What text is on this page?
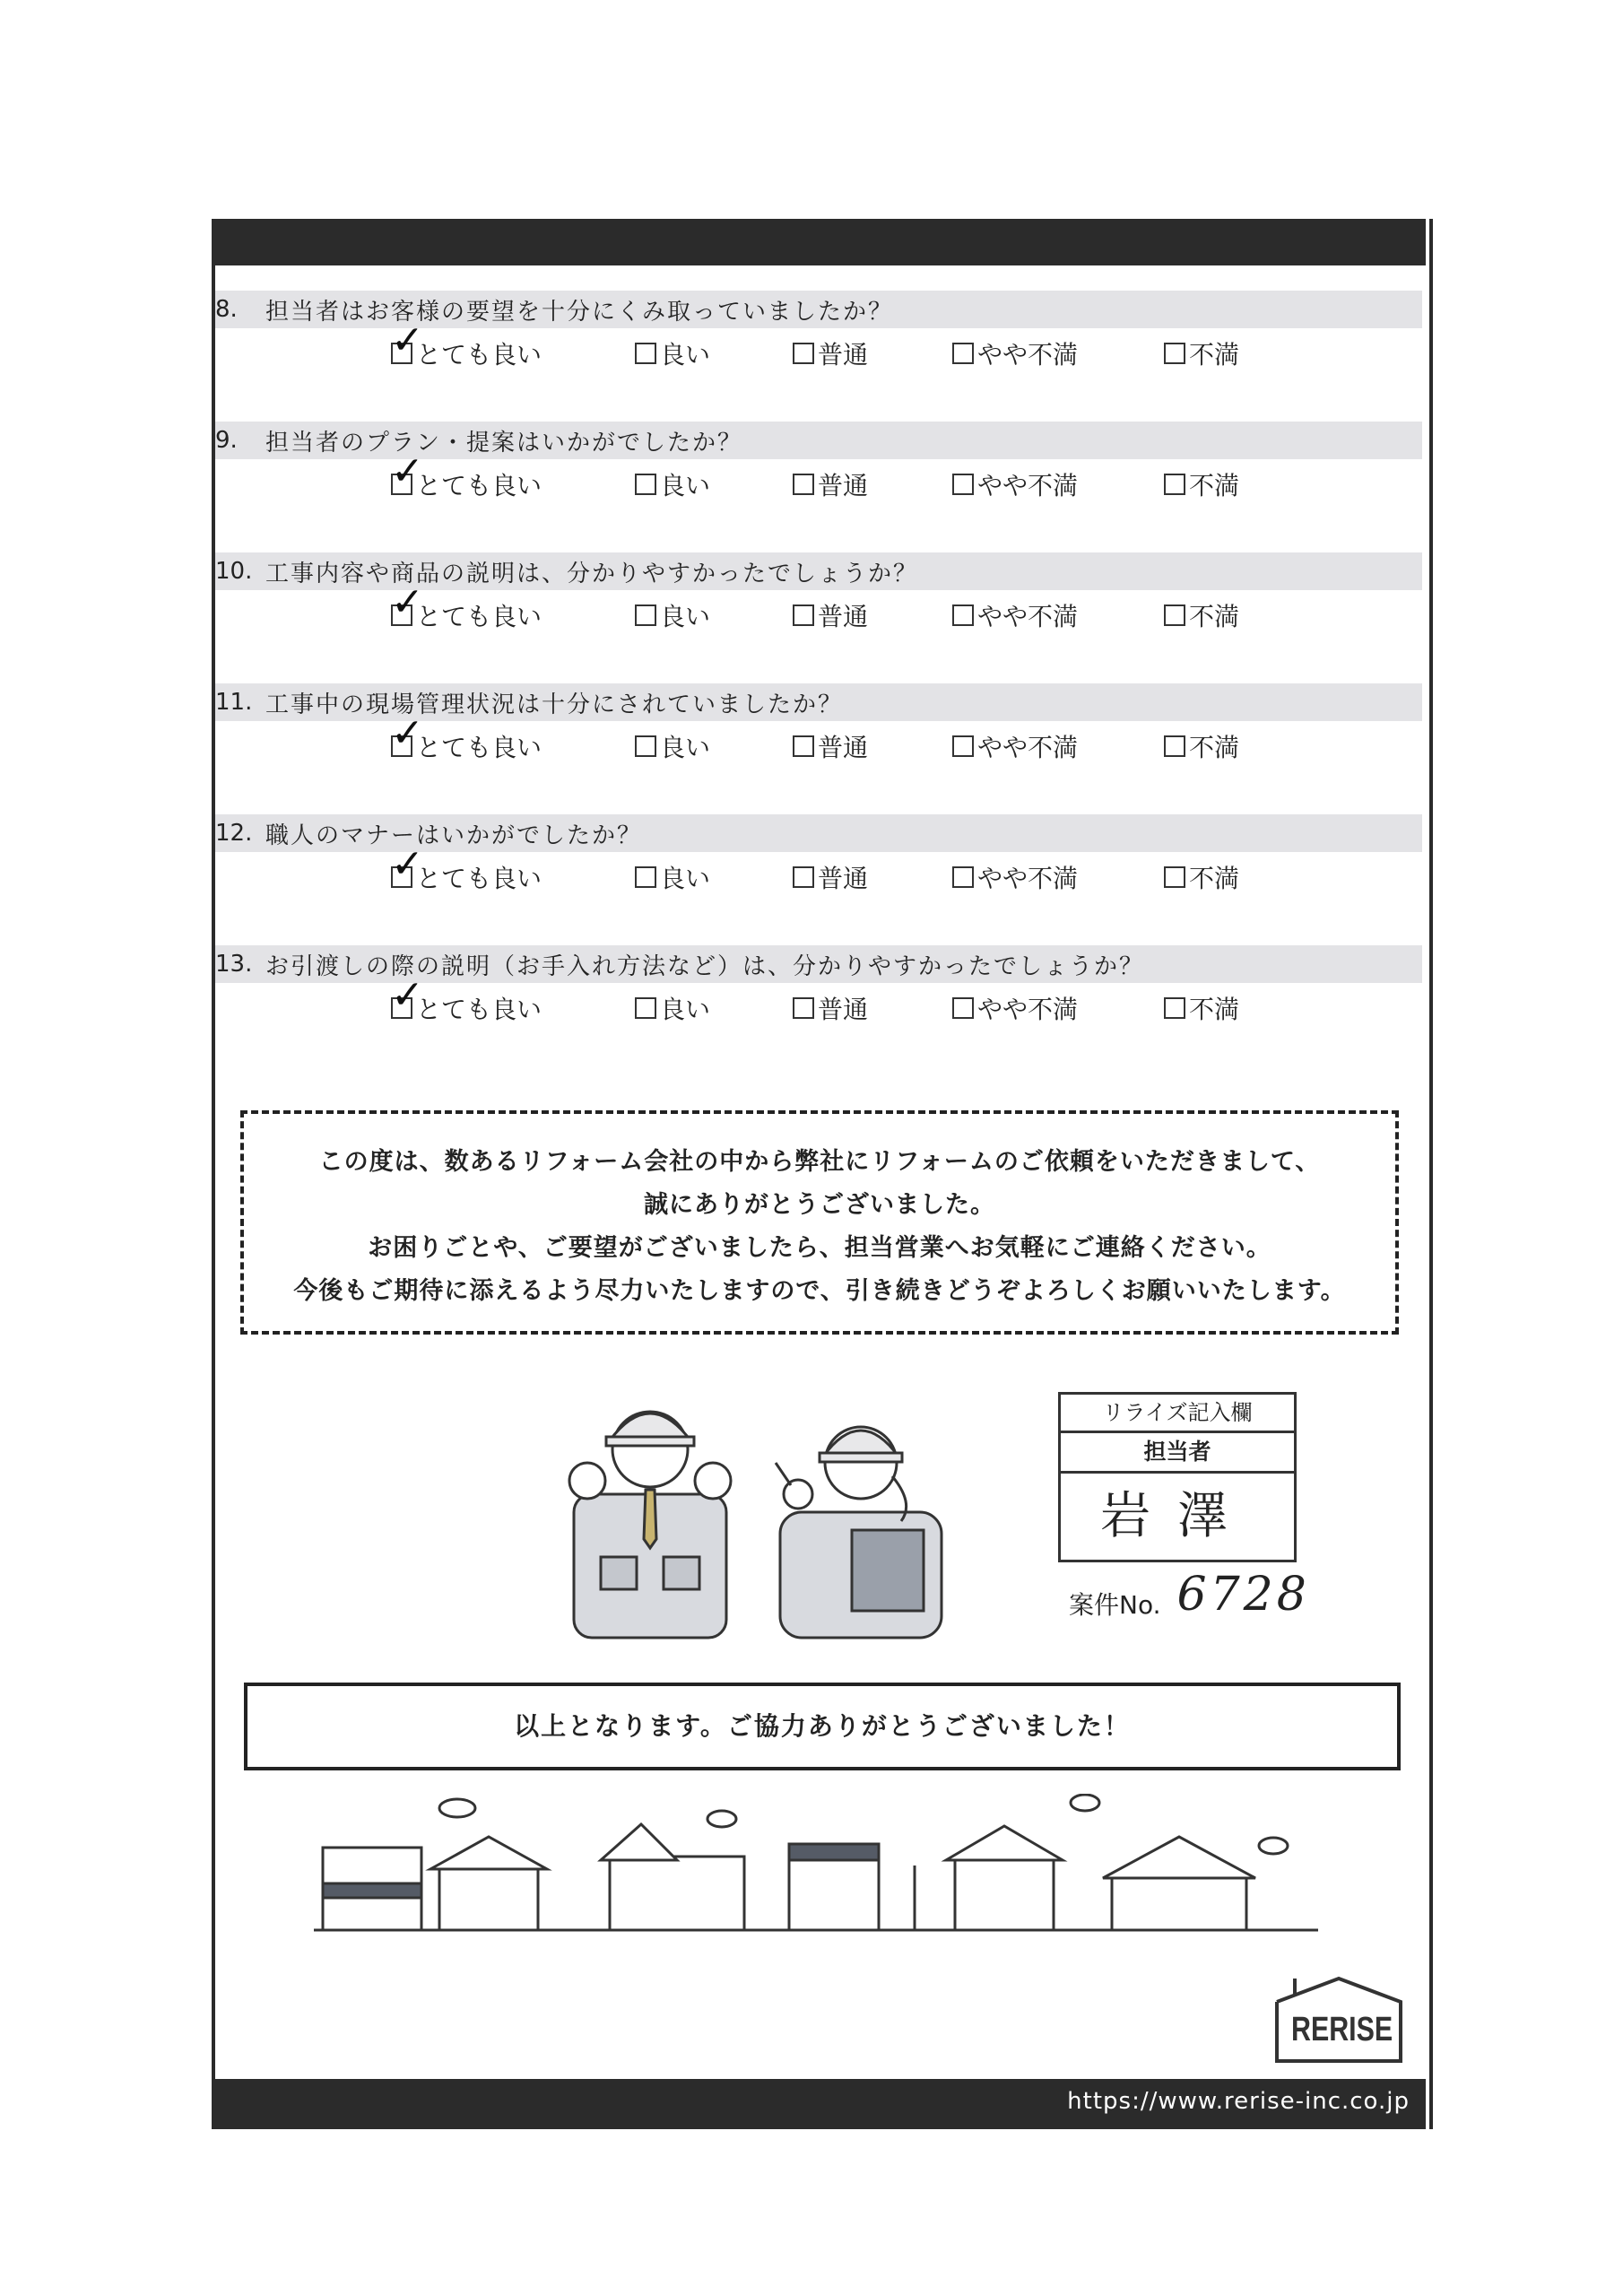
8.	担当者はお客様の要望を十分にくみ取っていましたか？
✓
とても良い	良い	普通	やや不満	不満
9.	担当者のプラン・提案はいかがでしたか？
✓
とても良い	良い	普通	やや不満	不満
10. 工事内容や商品の説明は、分かりやすかったでしょうか？
✓
とても良い	良い	普通	やや不満	不満
11. 工事中の現場管理状況は十分にされていましたか？
✓
とても良い	良い	普通	やや不満	不満
12. 職人のマナーはいかがでしたか？
✓
とても良い	良い	普通	やや不満	不満
13. お引渡しの際の説明（お手入れ方法など）は、分かりやすかったでしょうか？
✓
とても良い	良い	普通	やや不満	不満
この度は、数あるリフォーム会社の中から弊社にリフォームのご依頼をいただきまして、
誠にありがとうございました。
お困りごとや、ご要望がございましたら、担当営業へお気軽にご連絡ください。
今後もご期待に添えるよう尽力いたしますので、引き続きどうぞよろしくお願いいたします。
リライズ記入欄
担当者
岩澤
案件No. 6728
以上となります。ご協力ありがとうございました！
RERISE
https://www.rerise-inc.co.jp
